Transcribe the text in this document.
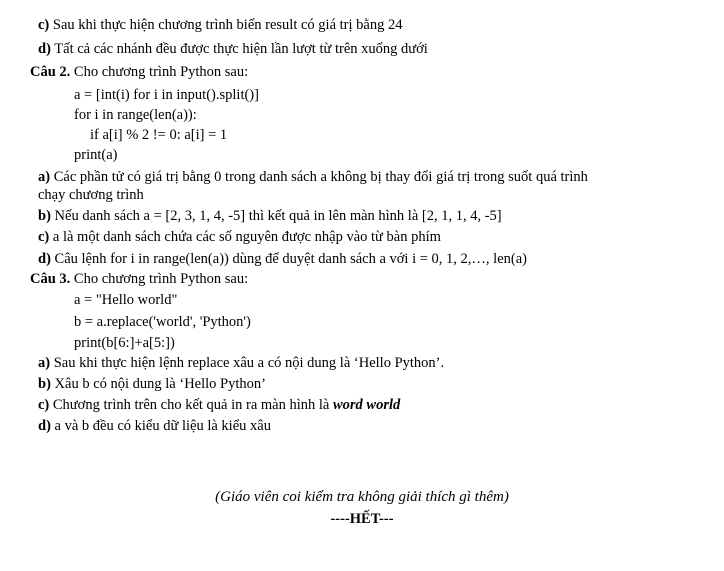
c) Sau khi thực hiện chương trình biến result có giá trị bằng 24
d) Tất cả các nhánh đều được thực hiện lần lượt từ trên xuống dưới
Câu 2. Cho chương trình Python sau:
a = [int(i) for i in input().split()]
for i in range(len(a)):
if a[i] % 2 != 0: a[i] = 1
print(a)
a) Các phần tử có giá trị bằng 0 trong danh sách a không bị thay đổi giá trị trong suốt quá trình
chạy chương trình
b) Nếu danh sách a = [2, 3, 1, 4, -5] thì kết quả in lên màn hình là [2, 1, 1, 4, -5]
c) a là một danh sách chứa các số nguyên được nhập vào từ bàn phím
d) Câu lệnh for i in range(len(a)) dùng để duyệt danh sách a với i = 0, 1, 2,…, len(a)
Câu 3. Cho chương trình Python sau:
a = "Hello world"
b = a.replace('world', 'Python')
print(b[6:]+a[5:])
a) Sau khi thực hiện lệnh replace xâu a có nội dung là ‘Hello Python’.
b) Xâu b có nội dung là ‘Hello Python’
c) Chương trình trên cho kết quả in ra màn hình là word world
d) a và b đều có kiểu dữ liệu là kiểu xâu
(Giáo viên coi kiểm tra không giải thích gì thêm)
----HẾT---
